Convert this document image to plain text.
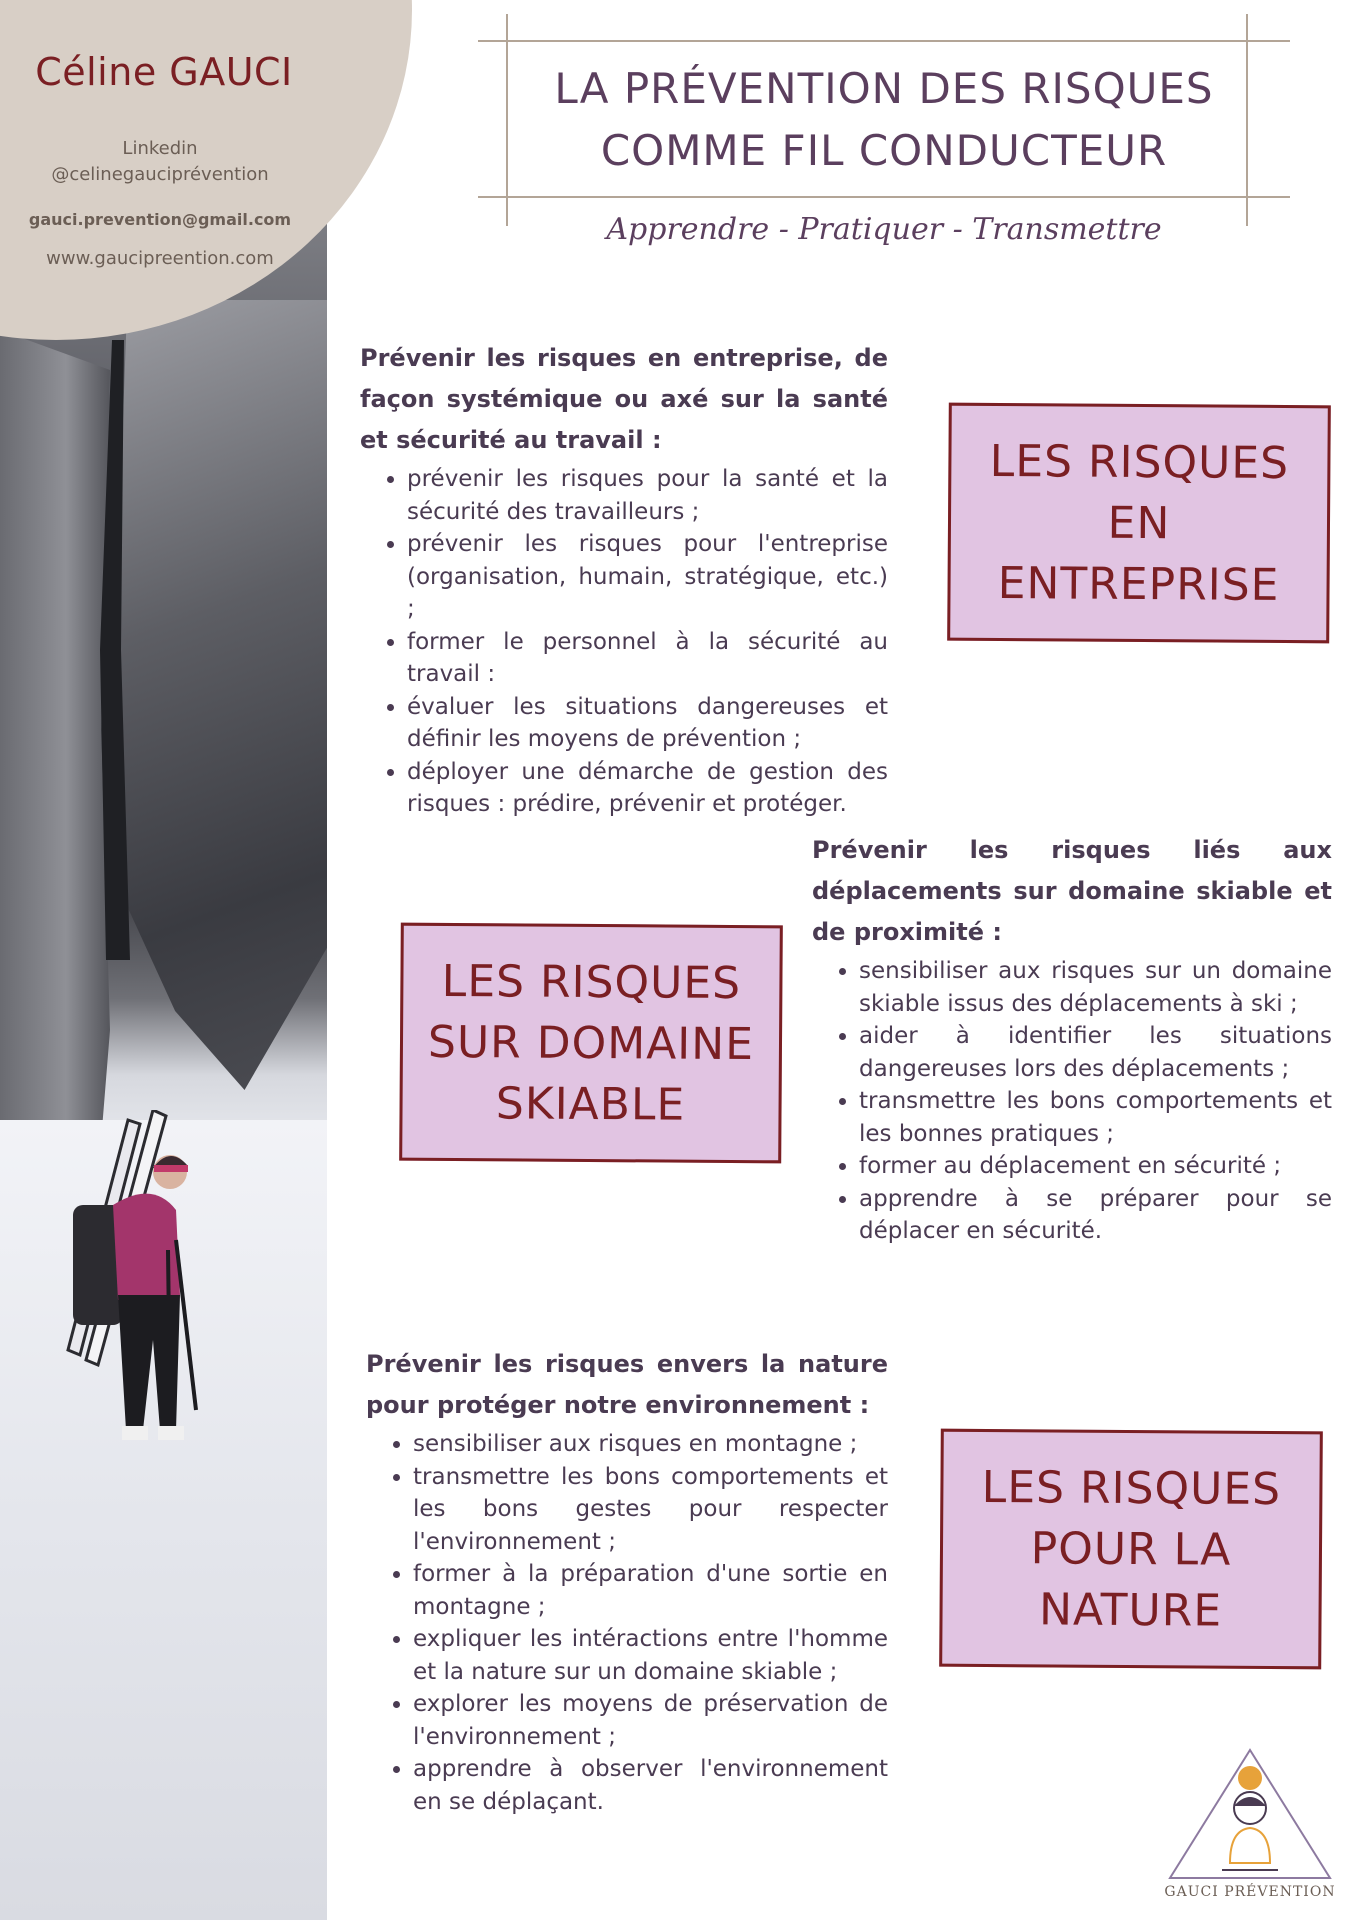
Céline GAUCI
Linkedin
@celinegauciprévention
gauci.prevention@gmail.com
www.gaucipreention.com
LA PRÉVENTION DES RISQUES
COMME FIL CONDUCTEUR
Apprendre - Pratiquer - Transmettre
Prévenir les risques en entreprise, de façon systémique ou axé sur la santé et sécurité au travail :
• prévenir les risques pour la santé et la sécurité des travailleurs ;
• prévenir les risques pour l'entreprise (organisation, humain, stratégique, etc.) ;
• former le personnel à la sécurité au travail :
• évaluer les situations dangereuses et définir les moyens de prévention ;
• déployer une démarche de gestion des risques : prédire, prévenir et protéger.
LES RISQUES
EN
ENTREPRISE
Prévenir les risques liés aux déplacements sur domaine skiable et de proximité :
• sensibiliser aux risques sur un domaine skiable issus des déplacements à ski ;
• aider à identifier les situations dangereuses lors des déplacements ;
• transmettre les bons comportements et les bonnes pratiques ;
• former au déplacement en sécurité ;
• apprendre à se préparer pour se déplacer en sécurité.
LES RISQUES
SUR DOMAINE
SKIABLE
Prévenir les risques envers la nature pour protéger notre environnement :
• sensibiliser aux risques en montagne ;
• transmettre les bons comportements et les bons gestes pour respecter l'environnement ;
• former à la préparation d'une sortie en montagne ;
• expliquer les intéractions entre l'homme et la nature sur un domaine skiable ;
• explorer les moyens de préservation de l'environnement ;
• apprendre à observer l'environnement en se déplaçant.
LES RISQUES
POUR LA
NATURE
GAUCI PRÉVENTION
